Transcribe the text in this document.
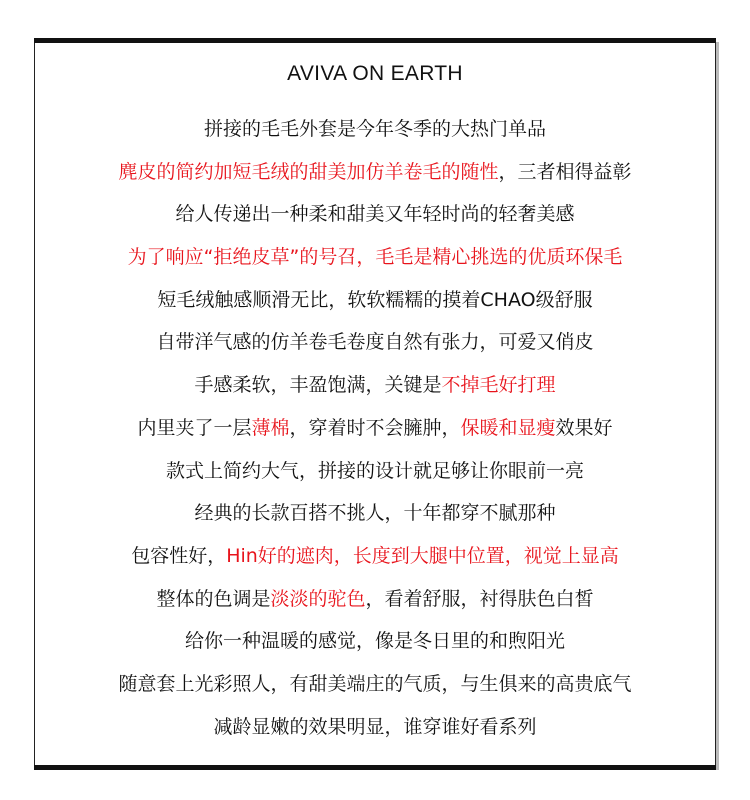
AVIVA ON EARTH
拼接的毛毛外套是今年冬季的大热门单品
麂皮的简约加短毛绒的甜美加仿羊卷毛的随性，三者相得益彰
给人传递出一种柔和甜美又年轻时尚的轻奢美感
为了响应“拒绝皮草”的号召，毛毛是精心挑选的优质环保毛
短毛绒触感顺滑无比，软软糯糯的摸着CHAO级舒服
自带洋气感的仿羊卷毛卷度自然有张力，可爱又俏皮
手感柔软，丰盈饱满，关键是不掉毛好打理
内里夹了一层薄棉，穿着时不会臃肿，保暖和显瘦效果好
款式上简约大气，拼接的设计就足够让你眼前一亮
经典的长款百搭不挑人，十年都穿不腻那种
包容性好，Hin好的遮肉，长度到大腿中位置，视觉上显高
整体的色调是淡淡的驼色，看着舒服，衬得肤色白皙
给你一种温暖的感觉，像是冬日里的和煦阳光
随意套上光彩照人，有甜美端庄的气质，与生俱来的高贵底气
减龄显嫩的效果明显，谁穿谁好看系列
